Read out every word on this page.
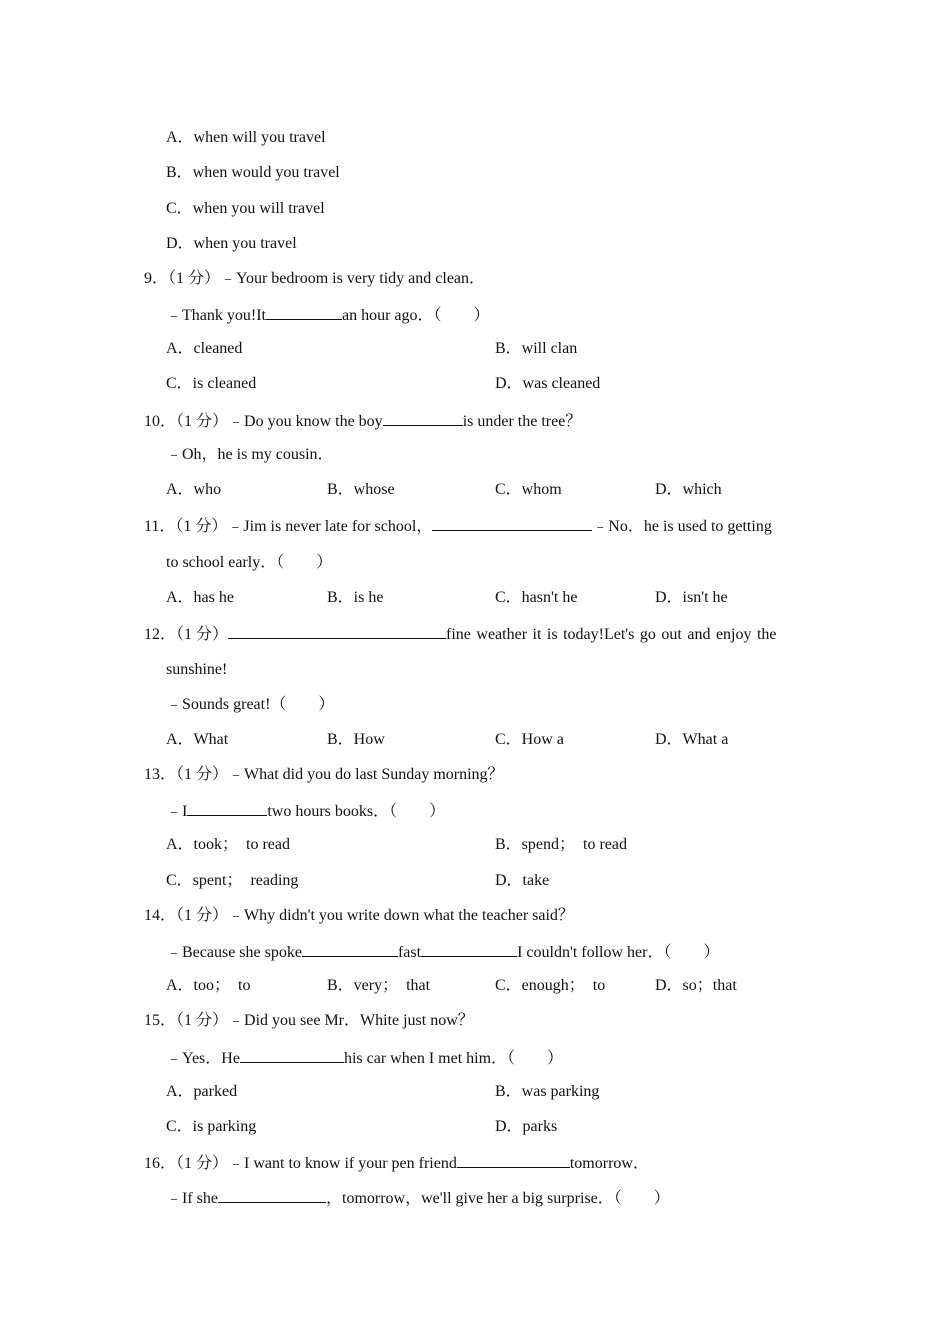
A．when will you travel
B．when would you travel
C．when you will travel
D．when you travel
9．（1 分）﹣Your bedroom is very tidy and clean．
﹣Thank you!It	an hour ago．（　　）
A．cleaned	B．will clan
C．is cleaned	D．was cleaned
10．（1 分）﹣Do you know the boy	is under the tree？
﹣Oh，he is my cousin．
A．who	B．whose	C．whom	D．which
11．（1 分）﹣Jim is never late for school，	﹣No．he is used to getting
to school early．（　　）
A．has he	B．is he	C．hasn't he	D．isn't he
12．（1 分）	fine weather it is today!Let's go out and enjoy the
sunshine!
﹣Sounds great!（　　）
A．What	B．How	C．How a	D．What a
13．（1 分）﹣What did you do last Sunday morning？
﹣I	two hours books．（　　）
A．took；  to read	B．spend；  to read
C．spent；  reading	D．take
14．（1 分）﹣Why didn't you write down what the teacher said？
﹣Because she spoke	fast	I couldn't follow her．（　　）
A．too；  to	B．very；  that	C．enough；  to	D．so；that
15．（1 分）﹣Did you see Mr．White just now？
﹣Yes．He	his car when I met him．（　　）
A．parked	B．was parking
C．is parking	D．parks
16．（1 分）﹣I want to know if your pen friend	tomorrow．
﹣If she	，tomorrow，we'll give her a big surprise．（　　）
